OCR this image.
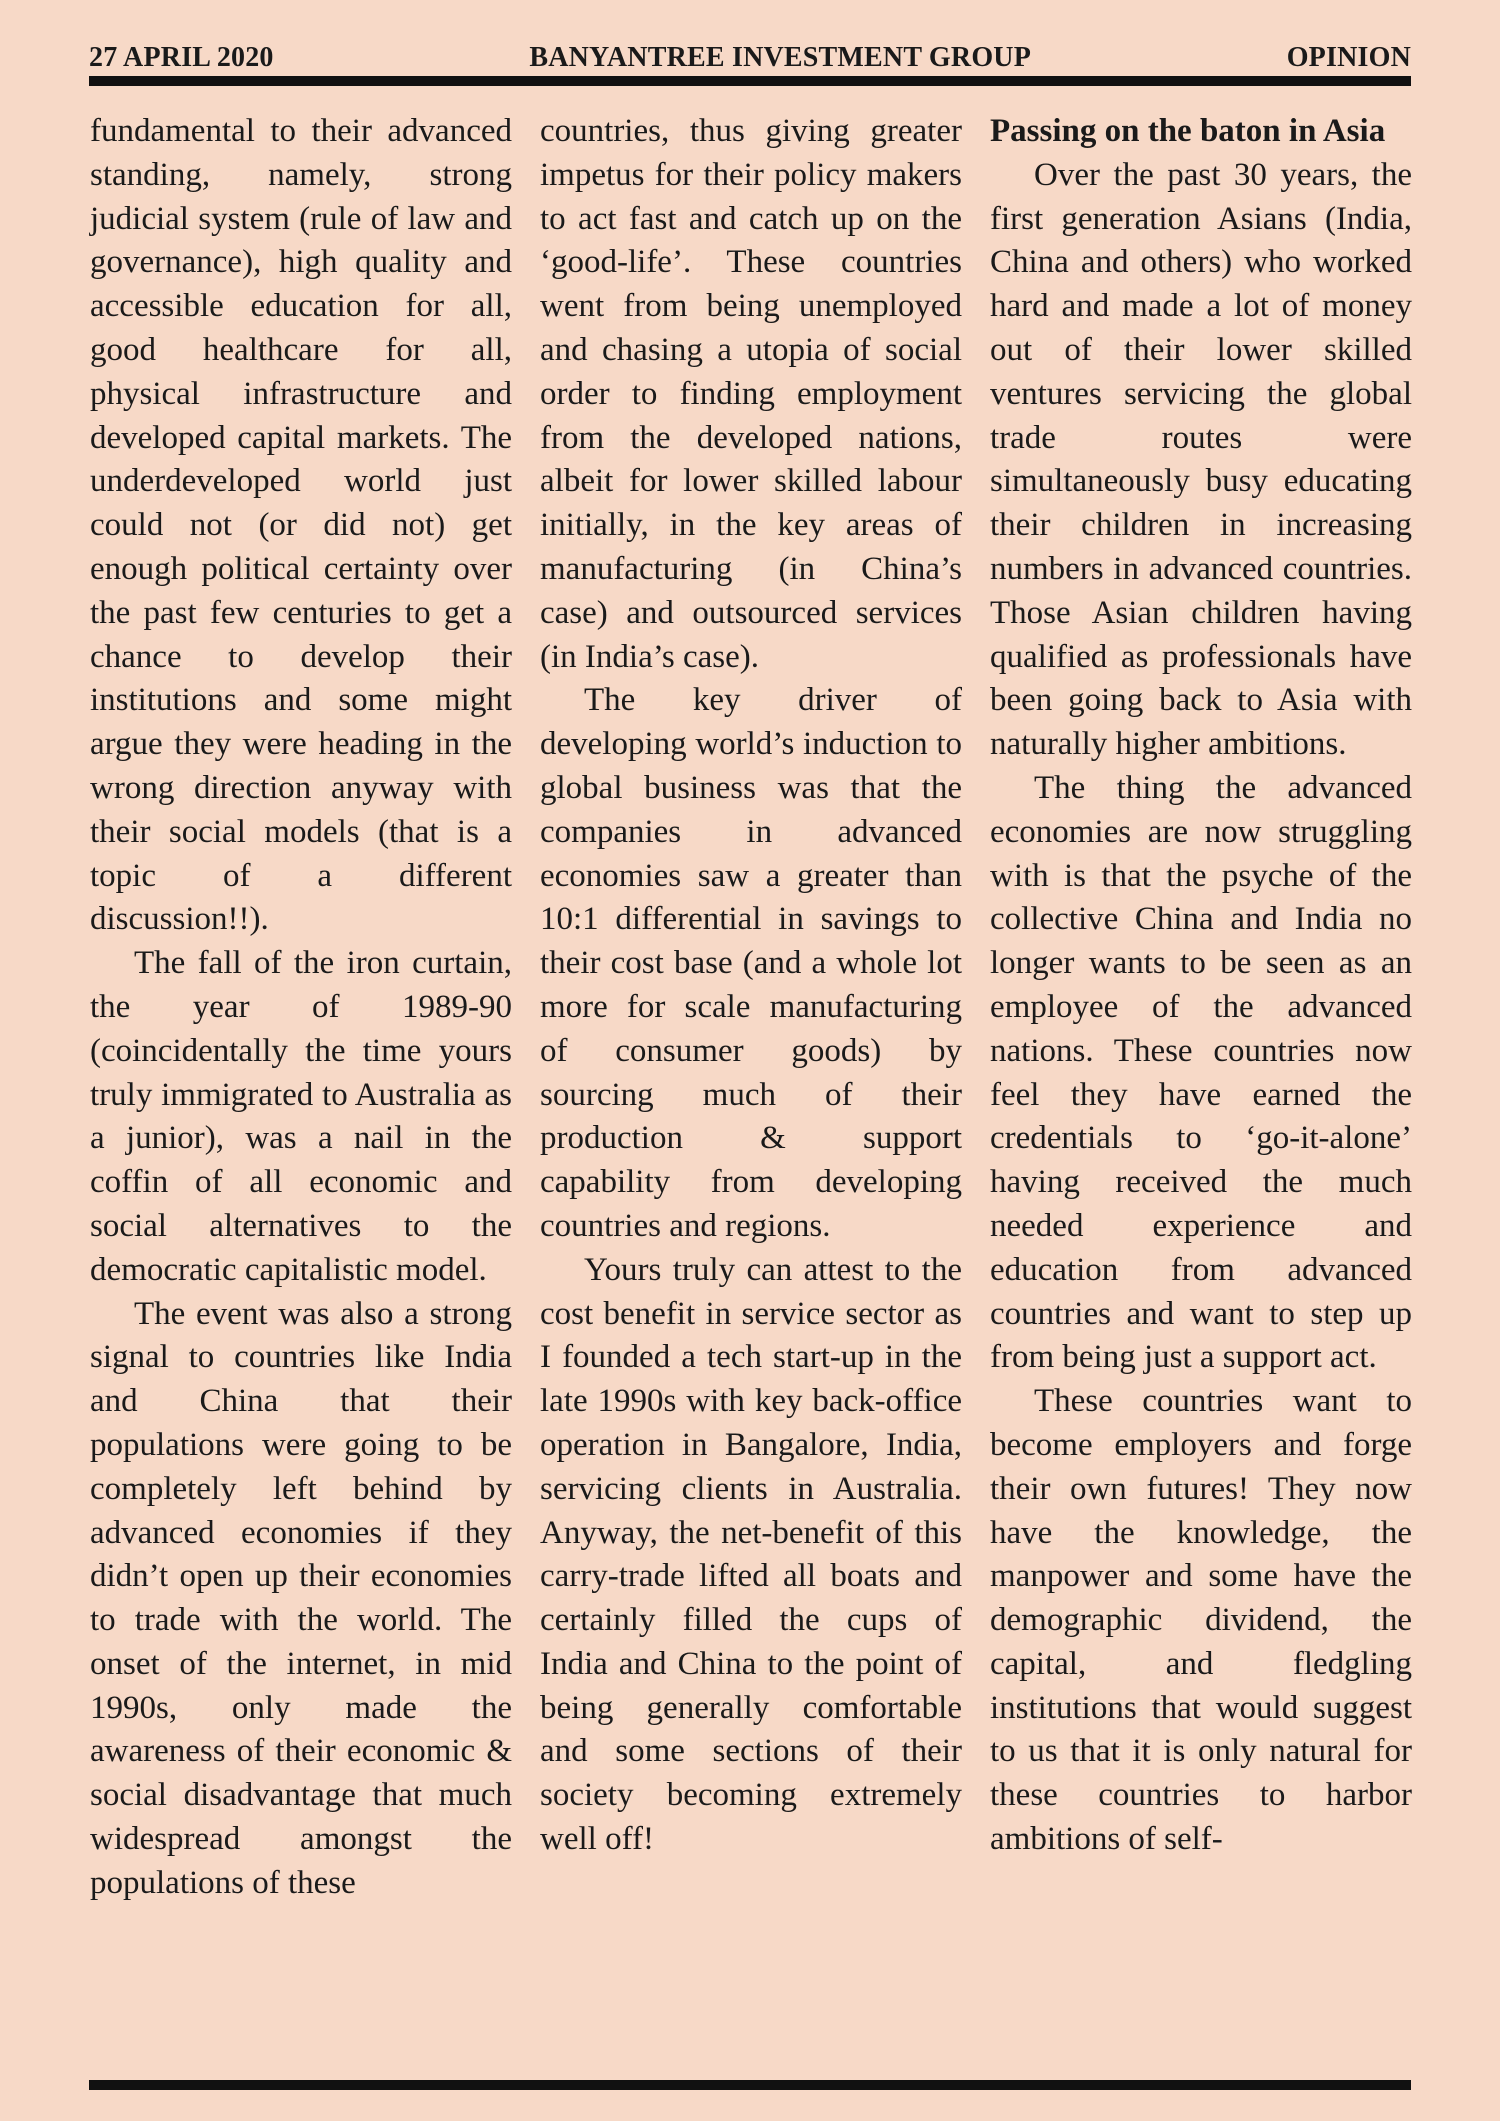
27 APRIL 2020	BANYANTREE INVESTMENT GROUP	OPINION

fundamental to their advanced standing, namely, strong judicial system (rule of law and governance), high quality and accessible education for all, good healthcare for all, physical infrastructure and developed capital markets. The underdeveloped world just could not (or did not) get enough political certainty over the past few centuries to get a chance to develop their institutions and some might argue they were heading in the wrong direction anyway with their social models (that is a topic of a different discussion!!).

The fall of the iron curtain, the year of 1989-90 (coincidentally the time yours truly immigrated to Australia as a junior), was a nail in the coffin of all economic and social alternatives to the democratic capitalistic model.

The event was also a strong signal to countries like India and China that their populations were going to be completely left behind by advanced economies if they didn’t open up their economies to trade with the world. The onset of the internet, in mid 1990s, only made the awareness of their economic & social disadvantage that much widespread amongst the populations of these

countries, thus giving greater impetus for their policy makers to act fast and catch up on the ‘good-life’. These countries went from being unemployed and chasing a utopia of social order to finding employment from the developed nations, albeit for lower skilled labour initially, in the key areas of manufacturing (in China’s case) and outsourced services (in India’s case).

The key driver of developing world’s induction to global business was that the companies in advanced economies saw a greater than 10:1 differential in savings to their cost base (and a whole lot more for scale manufacturing of consumer goods) by sourcing much of their production & support capability from developing countries and regions.

Yours truly can attest to the cost benefit in service sector as I founded a tech start-up in the late 1990s with key back-office operation in Bangalore, India, servicing clients in Australia. Anyway, the net-benefit of this carry-trade lifted all boats and certainly filled the cups of India and China to the point of being generally comfortable and some sections of their society becoming extremely well off!

Passing on the baton in Asia

Over the past 30 years, the first generation Asians (India, China and others) who worked hard and made a lot of money out of their lower skilled ventures servicing the global trade routes were simultaneously busy educating their children in increasing numbers in advanced countries. Those Asian children having qualified as professionals have been going back to Asia with naturally higher ambitions.

The thing the advanced economies are now struggling with is that the psyche of the collective China and India no longer wants to be seen as an employee of the advanced nations. These countries now feel they have earned the credentials to ‘go-it-alone’ having received the much needed experience and education from advanced countries and want to step up from being just a support act.

These countries want to become employers and forge their own futures! They now have the knowledge, the manpower and some have the demographic dividend, the capital, and fledgling institutions that would suggest to us that it is only natural for these countries to harbor ambitions of self-
